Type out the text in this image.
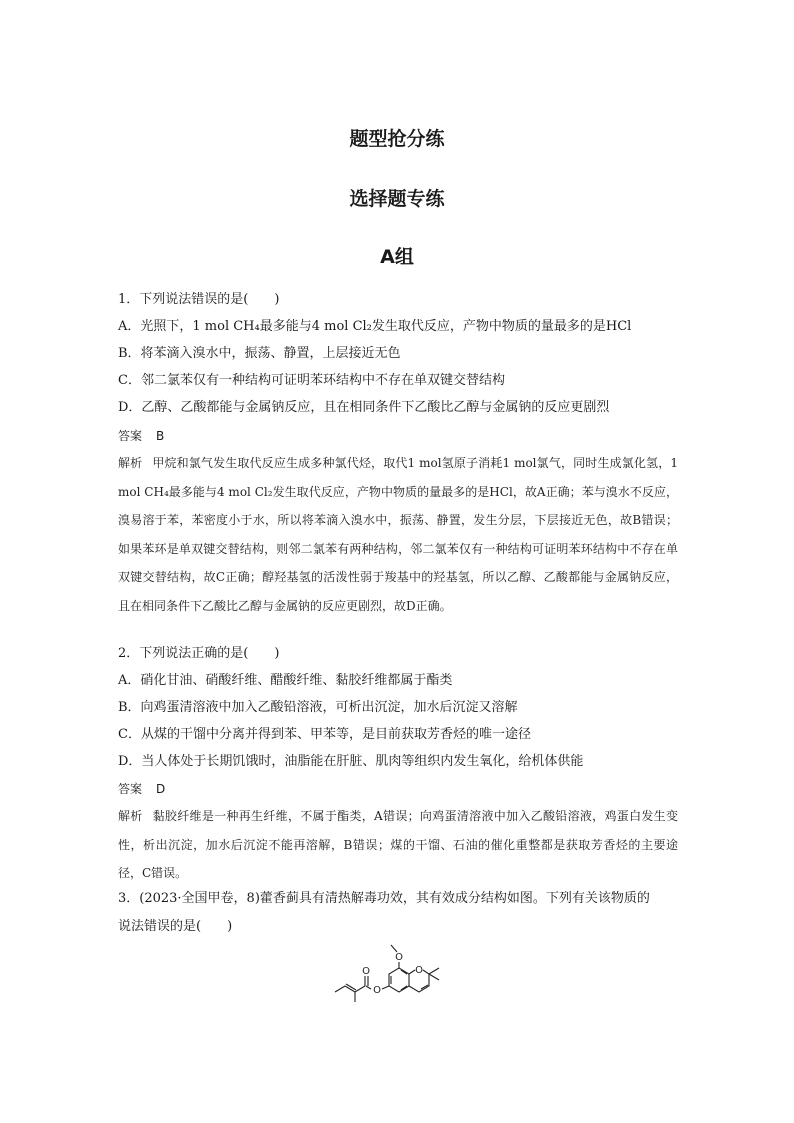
题型抢分练
选择题专练
A组
1．下列说法错误的是(　　)
A．光照下，1 mol CH₄最多能与4 mol Cl₂发生取代反应，产物中物质的量最多的是HCl
B．将苯滴入溴水中，振荡、静置，上层接近无色
C．邻二氯苯仅有一种结构可证明苯环结构中不存在单双键交替结构
D．乙醇、乙酸都能与金属钠反应，且在相同条件下乙酸比乙醇与金属钠的反应更剧烈
答案 B
解析 甲烷和氯气发生取代反应生成多种氯代烃，取代1 mol氢原子消耗1 mol氯气，同时生成氯化氢，1 mol CH₄最多能与4 mol Cl₂发生取代反应，产物中物质的量最多的是HCl，故A正确；苯与溴水不反应，溴易溶于苯，苯密度小于水，所以将苯滴入溴水中，振荡、静置，发生分层，下层接近无色，故B错误；如果苯环是单双键交替结构，则邻二氯苯有两种结构，邻二氯苯仅有一种结构可证明苯环结构中不存在单双键交替结构，故C正确；醇羟基氢的活泼性弱于羧基中的羟基氢，所以乙醇、乙酸都能与金属钠反应，且在相同条件下乙酸比乙醇与金属钠的反应更剧烈，故D正确。
2．下列说法正确的是(　　)
A．硝化甘油、硝酸纤维、醋酸纤维、黏胶纤维都属于酯类
B．向鸡蛋清溶液中加入乙酸铅溶液，可析出沉淀，加水后沉淀又溶解
C．从煤的干馏中分离并得到苯、甲苯等，是目前获取芳香烃的唯一途径
D．当人体处于长期饥饿时，油脂能在肝脏、肌肉等组织内发生氧化，给机体供能
答案 D
解析 黏胶纤维是一种再生纤维，不属于酯类，A错误；向鸡蛋清溶液中加入乙酸铅溶液，鸡蛋白发生变性，析出沉淀，加水后沉淀不能再溶解，B错误；煤的干馏、石油的催化重整都是获取芳香烃的主要途径，C错误。
3．(2023·全国甲卷，8)藿香蓟具有清热解毒功效，其有效成分结构如图。下列有关该物质的
说法错误的是(　　)
O
O
O
O
